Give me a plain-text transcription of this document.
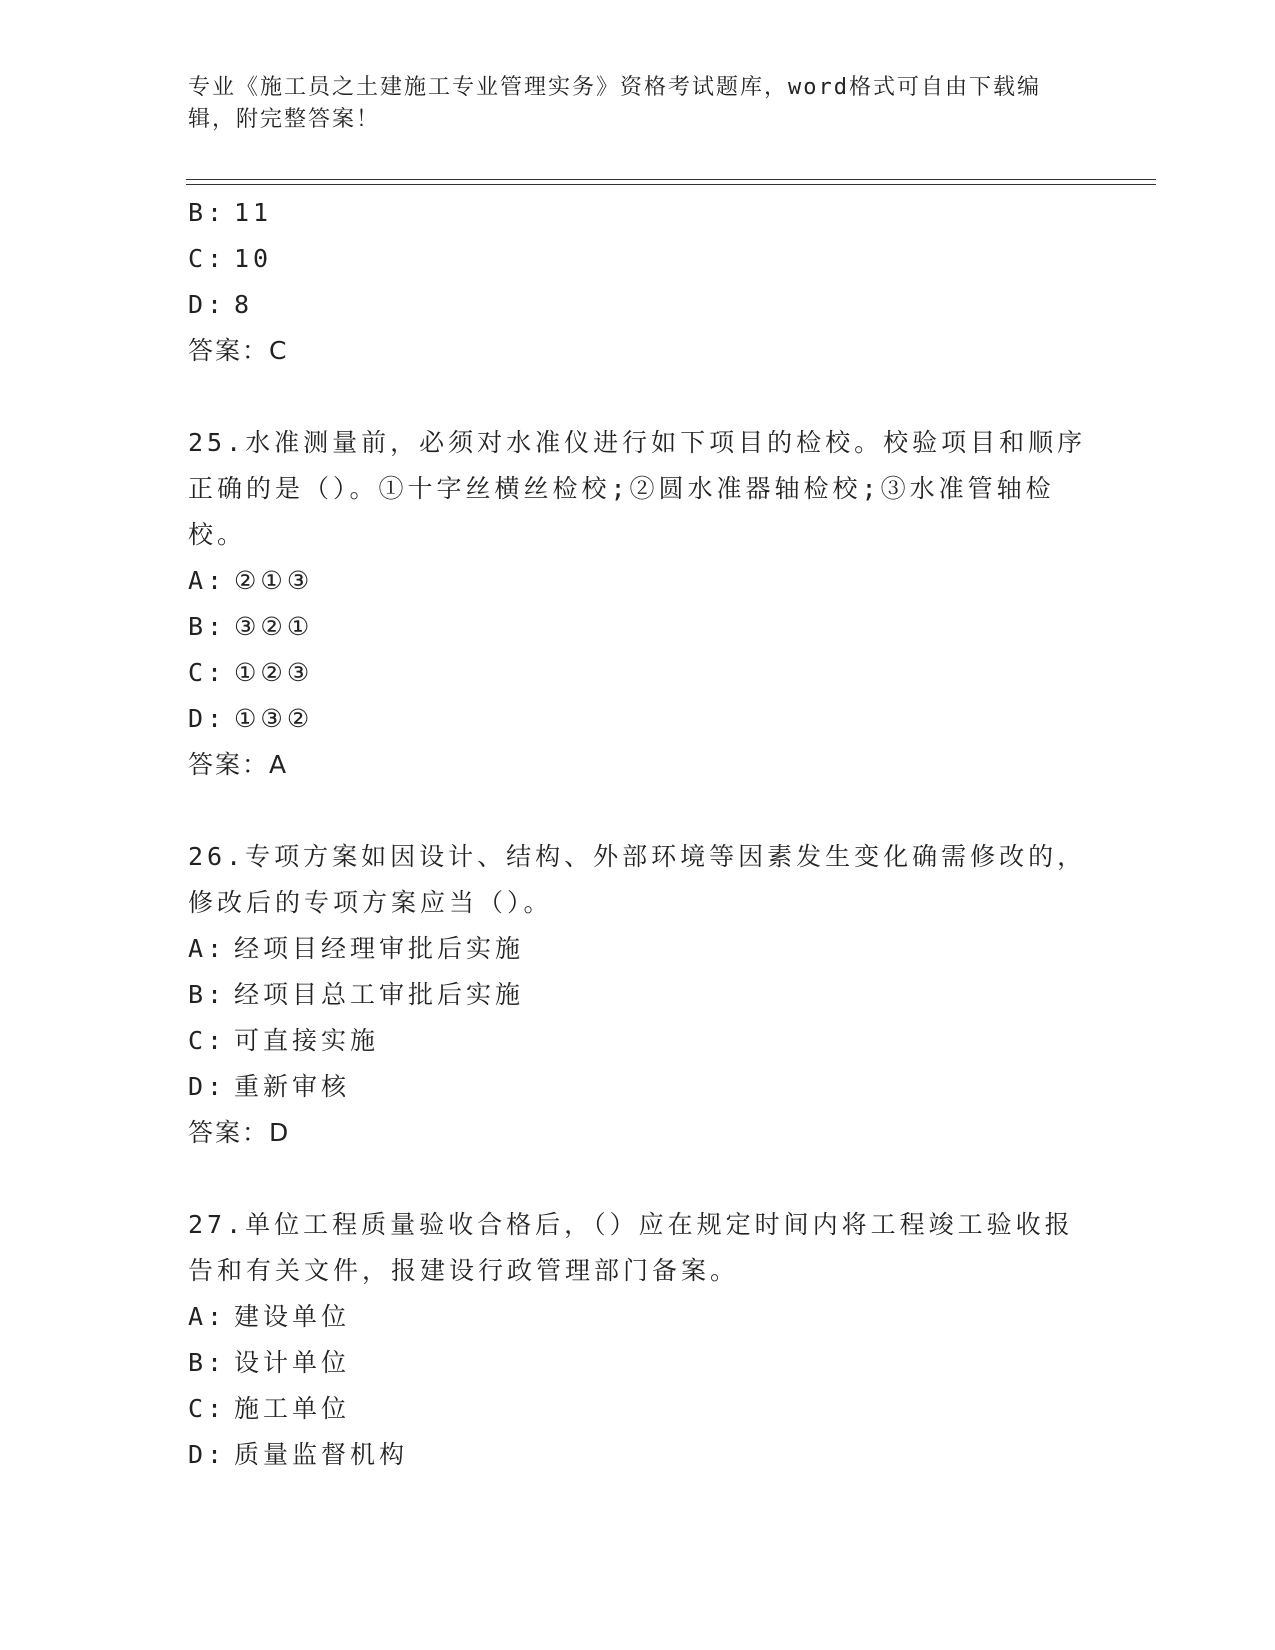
专业《施工员之土建施工专业管理实务》资格考试题库，word格式可自由下载编
辑，附完整答案！
B: 11
C: 10
D: 8
答案：C
25.水准测量前，必须对水准仪进行如下项目的检校。校验项目和顺序
正确的是（）。①十字丝横丝检校;②圆水准器轴检校;③水准管轴检
校。
A: ②①③
B: ③②①
C: ①②③
D: ①③②
答案：A
26.专项方案如因设计、结构、外部环境等因素发生变化确需修改的，
修改后的专项方案应当（）。
A: 经项目经理审批后实施
B: 经项目总工审批后实施
C: 可直接实施
D: 重新审核
答案：D
27.单位工程质量验收合格后，（）应在规定时间内将工程竣工验收报
告和有关文件，报建设行政管理部门备案。
A: 建设单位
B: 设计单位
C: 施工单位
D: 质量监督机构
